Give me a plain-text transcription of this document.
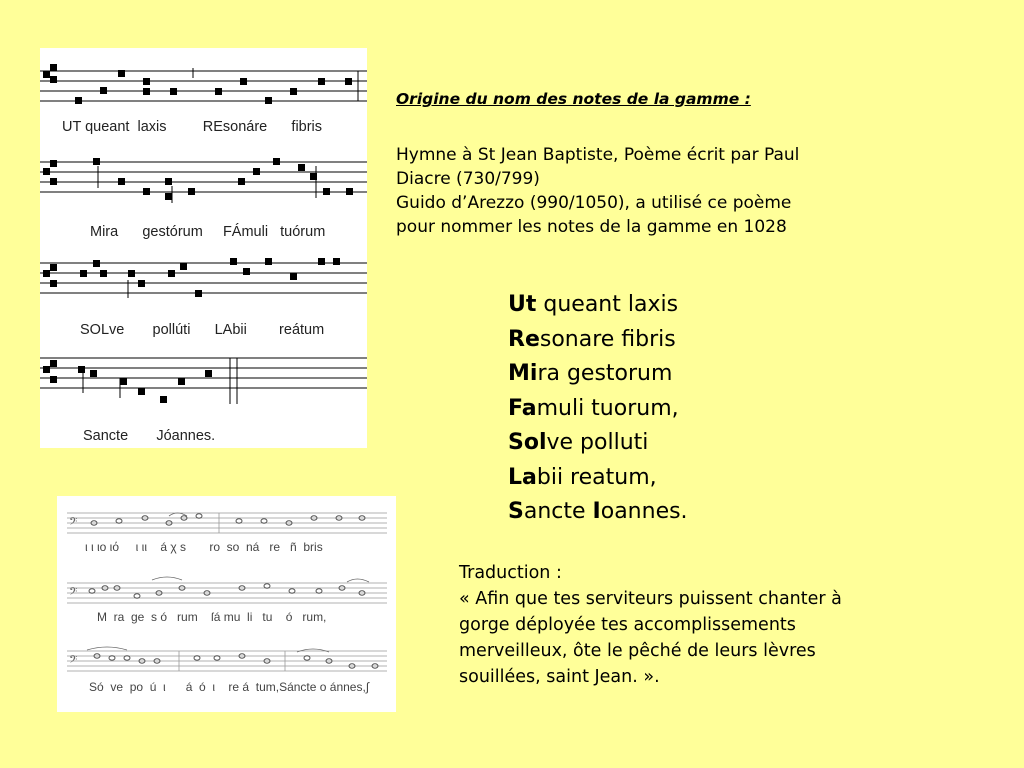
UT queant  laxis         REsonáre      fibris
Mira      gestórum     FÁmuli   tuórum
SOLve       pollúti      LAbii        reátum
Sancte       Jóannes.
𝄢
𝄢
𝄢
ι ι ιο ιό     ι ιι    á χ s       ro  so  ná   re   ñ  bris
M  ra  ge  s ó   rum    ſá mu  li   tu    ó   rum,
Só  ve  po  ú  ι      á  ó  ι    re á  tum,Sáncte o ánnes,∫
Origine du nom des notes de la gamme :
Hymne à St Jean Baptiste, Poème écrit par Paul
Diacre (730/799)
Guido d’Arezzo (990/1050), a utilisé ce poème
pour nommer les notes de la gamme en 1028
Ut queant laxis
Resonare fibris
Mira gestorum
Famuli tuorum,
Solve polluti
Labii reatum,
Sancte Ioannes.
Traduction :
« Afin que tes serviteurs puissent chanter à
gorge déployée tes accomplissements
merveilleux, ôte le pêché de leurs lèvres
souillées, saint Jean. ».
